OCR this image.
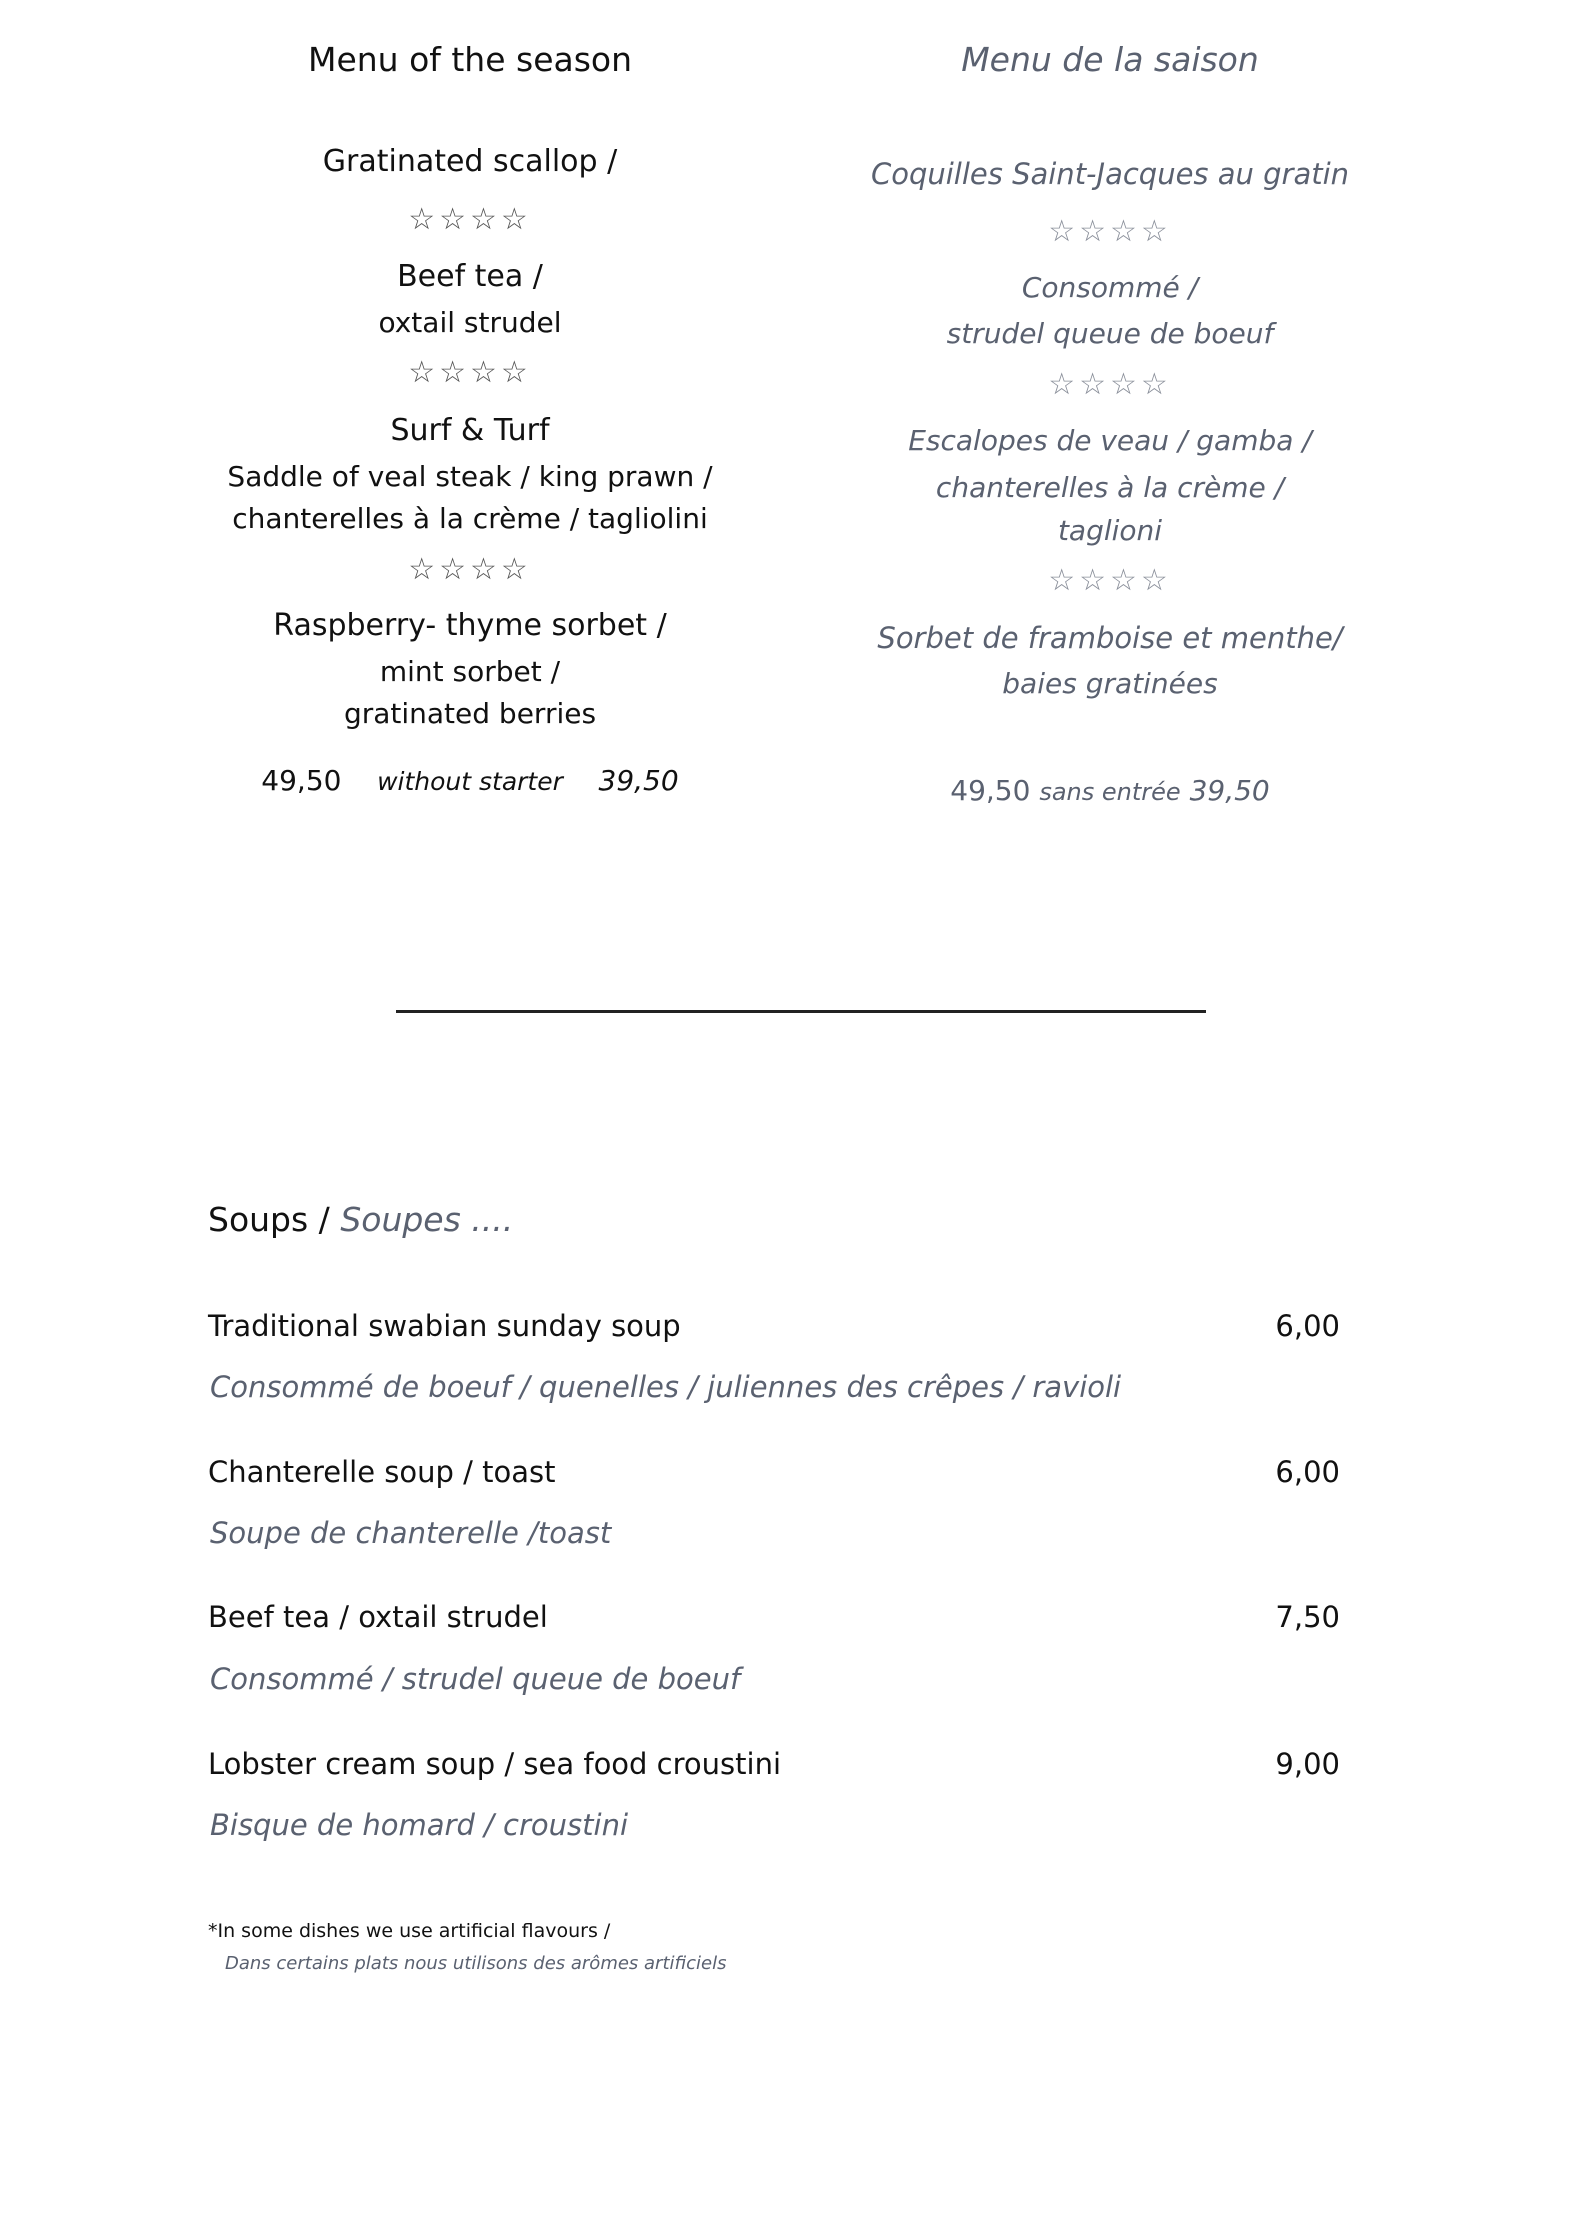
Menu of the season
Gratinated scallop /
☆☆☆☆
Beef tea /
oxtail strudel
☆☆☆☆
Surf & Turf
Saddle of veal steak / king prawn /
chanterelles à la crème / tagliolini
☆☆☆☆
Raspberry- thyme sorbet /
mint sorbet /
gratinated berries
49,50 without starter 39,50
Menu de la saison
Coquilles Saint-Jacques au gratin
☆☆☆☆
Consommé /
strudel queue de boeuf
☆☆☆☆
Escalopes de veau / gamba /
chanterelles à la crème /
taglioni
☆☆☆☆
Sorbet de framboise et menthe/
baies gratinées
49,50 sans entrée 39,50
Soups / Soupes ....
Traditional swabian sunday soup	6,00
Consommé de boeuf / quenelles / juliennes des crêpes / ravioli
Chanterelle soup / toast	6,00
Soupe de chanterelle /toast
Beef tea / oxtail strudel	7,50
Consommé / strudel queue de boeuf
Lobster cream soup / sea food croustini	9,00
Bisque de homard / croustini
*In some dishes we use artificial flavours /
Dans certains plats nous utilisons des arômes artificiels
